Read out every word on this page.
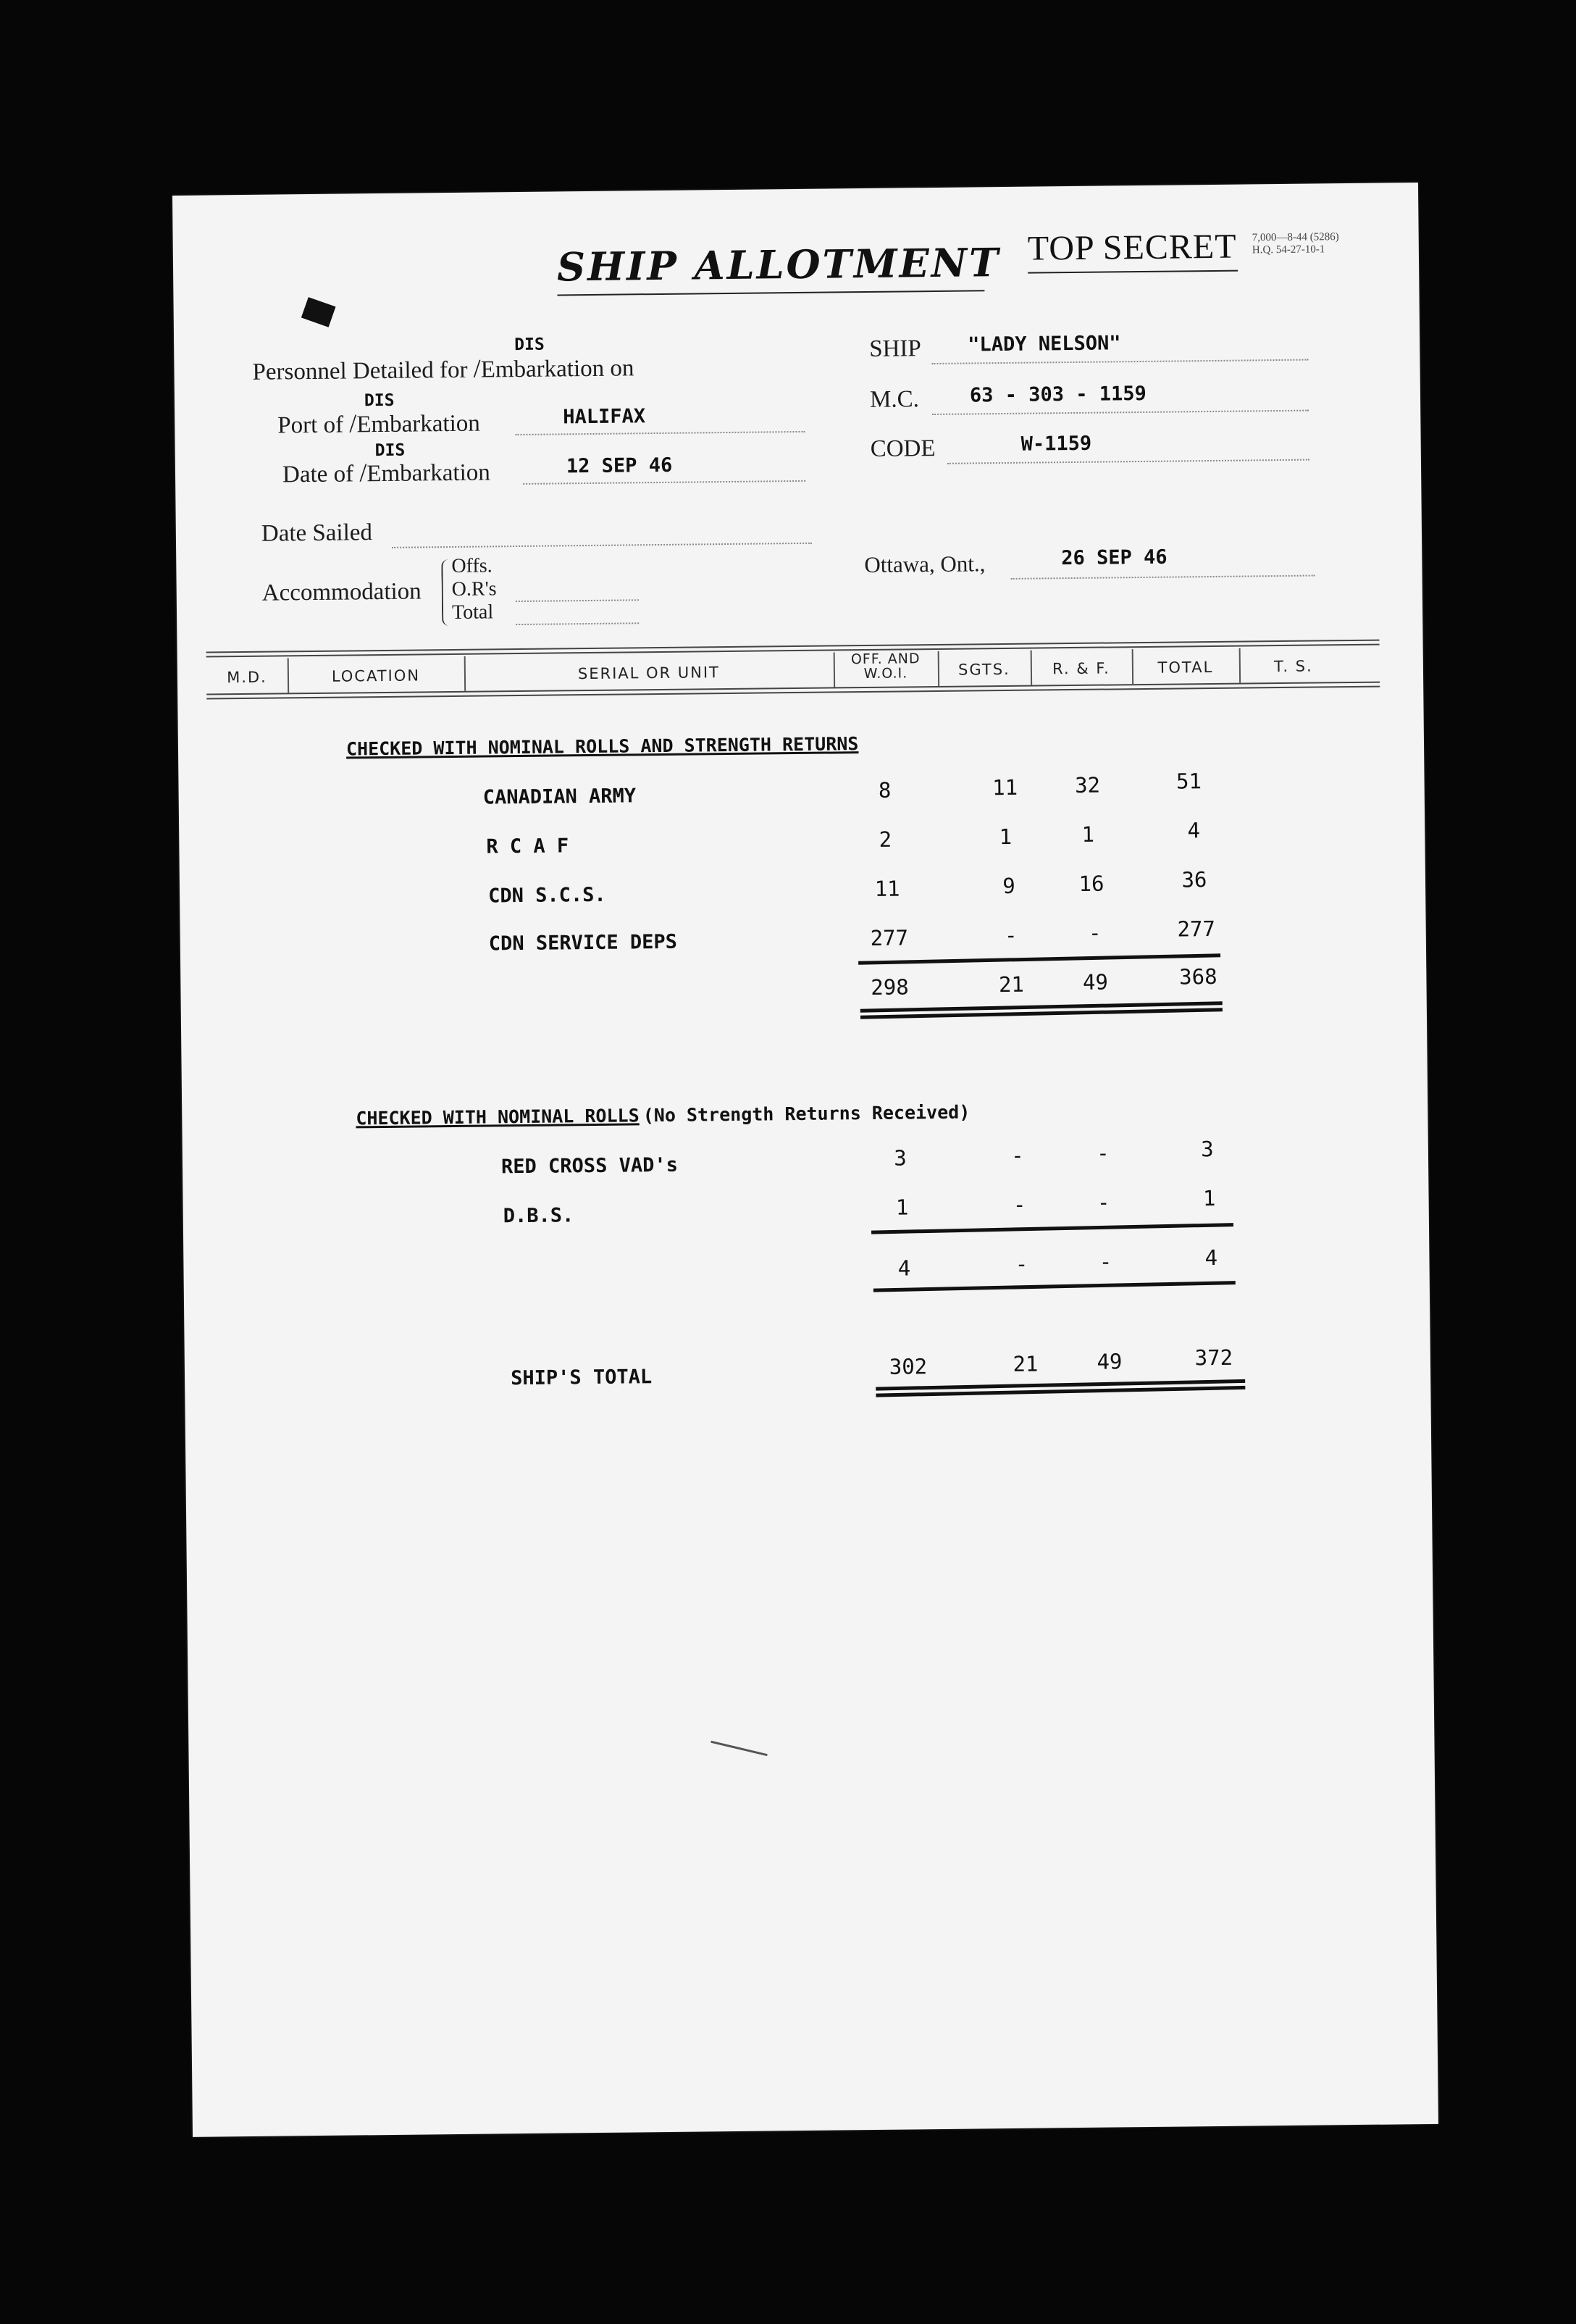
SHIP ALLOTMENT TOP SECRET 7,000—8-44 (5286)
H.Q. 54-27-10-1
DIS
Personnel Detailed for /Embarkation on
DIS
Port of /Embarkation	HALIFAX
DIS
Date of /Embarkation	12 SEP 46
Date Sailed
Accommodation
Offs.
O.R's
Total
SHIP "LADY NELSON"
M.C.	63 - 303 - 1159
CODE	W-1159
Ottawa, Ont.,	26 SEP 46
M.D.	LOCATION	SERIAL OR UNIT
OFF. AND W.O.I.	SGTS.	R. & F.	TOTAL	T. S.
CHECKED WITH NOMINAL ROLLS AND STRENGTH RETURNS
CANADIAN ARMY	8	11	32	51
R C A F	2	1	1	4
CDN S.C.S.	11	9	16	36
CDN SERVICE DEPS	277	-	-	277
298	21	49	368
CHECKED WITH NOMINAL ROLLS (No Strength Returns Received)
RED CROSS VAD's	3	-	-	3
D.B.S.	1	-	-	1
4	-	-	4
SHIP'S TOTAL	302	21	49	372
